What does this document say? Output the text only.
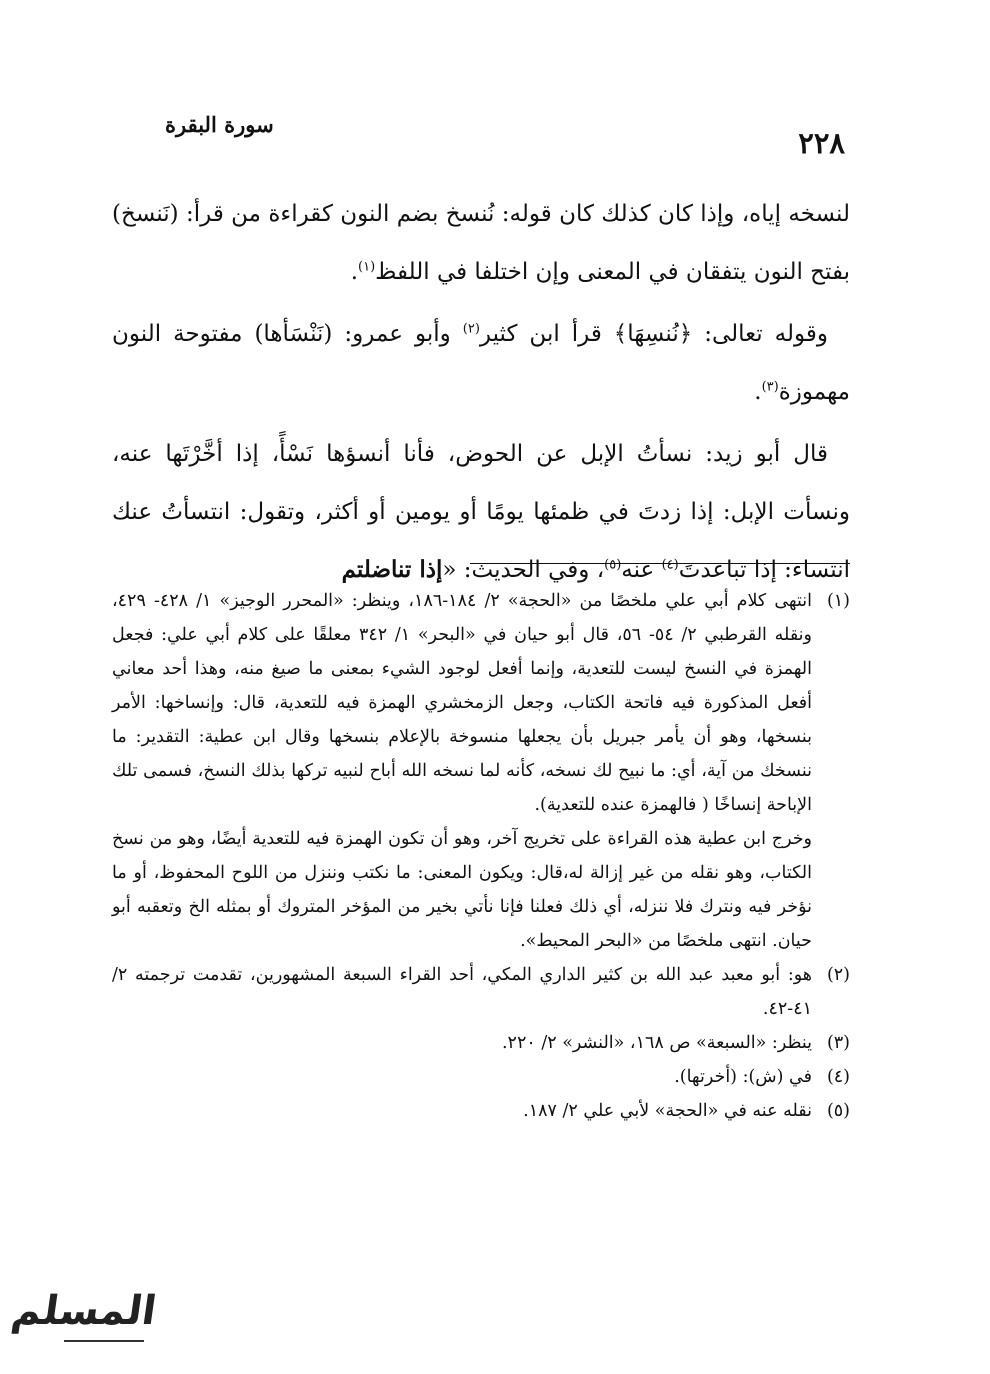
سورة البقرة
٢٢٨

لنسخه إياه، وإذا كان كذلك كان قوله: نُنسخ بضم النون كقراءة من قرأ: (نَنسخ) بفتح النون يتفقان في المعنى وإن اختلفا في اللفظ$^{(١)}$.

وقوله تعالى: ﴿نُنسِهَا﴾ قرأ ابن كثير$^{(٢)}$ وأبو عمرو: (نَنْسَأها) مفتوحة النون مهموزة$^{(٣)}$.

قال أبو زيد: نسأتُ الإبل عن الحوض، فأنا أنسؤها نَسْأً، إذا أخَّرْتَها عنه، ونسأت الإبل: إذا زدتَ في ظمئها يومًا أو يومين أو أكثر، وتقول: انتسأتُ عنك انتساء: إذا تباعدتَ$^{(٤)}$ عنه$^{(٥)}$، وفي الحديث: «إذا تناضلتم

(١)

انتهى كلام أبي علي ملخصًا من «الحجة» ٢/ ١٨٤-١٨٦، وينظر: «المحرر الوجيز» ١/ ٤٢٨- ٤٢٩، ونقله القرطبي ٢/ ٥٤- ٥٦، قال أبو حيان في «البحر» ١/ ٣٤٢ معلقًا على كلام أبي علي: فجعل الهمزة في النسخ ليست للتعدية، وإنما أفعل لوجود الشيء بمعنى ما صيغ منه، وهذا أحد معاني أفعل المذكورة فيه فاتحة الكتاب، وجعل الزمخشري الهمزة فيه للتعدية، قال: وإنساخها: الأمر بنسخها، وهو أن يأمر جبريل بأن يجعلها منسوخة بالإعلام بنسخها وقال ابن عطية: التقدير: ما ننسخك من آية، أي: ما نبيح لك نسخه، كأنه لما نسخه الله أباح لنبيه تركها بذلك النسخ، فسمى تلك الإباحة إنساخًا ( فالهمزة عنده للتعدية).

وخرج ابن عطية هذه القراءة على تخريج آخر، وهو أن تكون الهمزة فيه للتعدية أيضًا، وهو من نسخ الكتاب، وهو نقله من غير إزالة له،قال: ويكون المعنى: ما نكتب وننزل من اللوح المحفوظ، أو ما نؤخر فيه ونترك فلا ننزله، أي ذلك فعلنا فإنا نأتي بخير من المؤخر المتروك أو بمثله الخ وتعقبه أبو حيان. انتهى ملخصًا من «البحر المحيط».

(٢)

هو: أبو معبد عبد الله بن كثير الداري المكي، أحد القراء السبعة المشهورين، تقدمت ترجمته ٢/ ٤١-٤٢.

(٣)

ينظر: «السبعة» ص ١٦٨، «النشر» ٢/ ٢٢٠.

(٤)

في (ش): (أخرتها).

(٥)

نقله عنه في «الحجة» لأبي علي ٢/ ١٨٧.

المسلم
